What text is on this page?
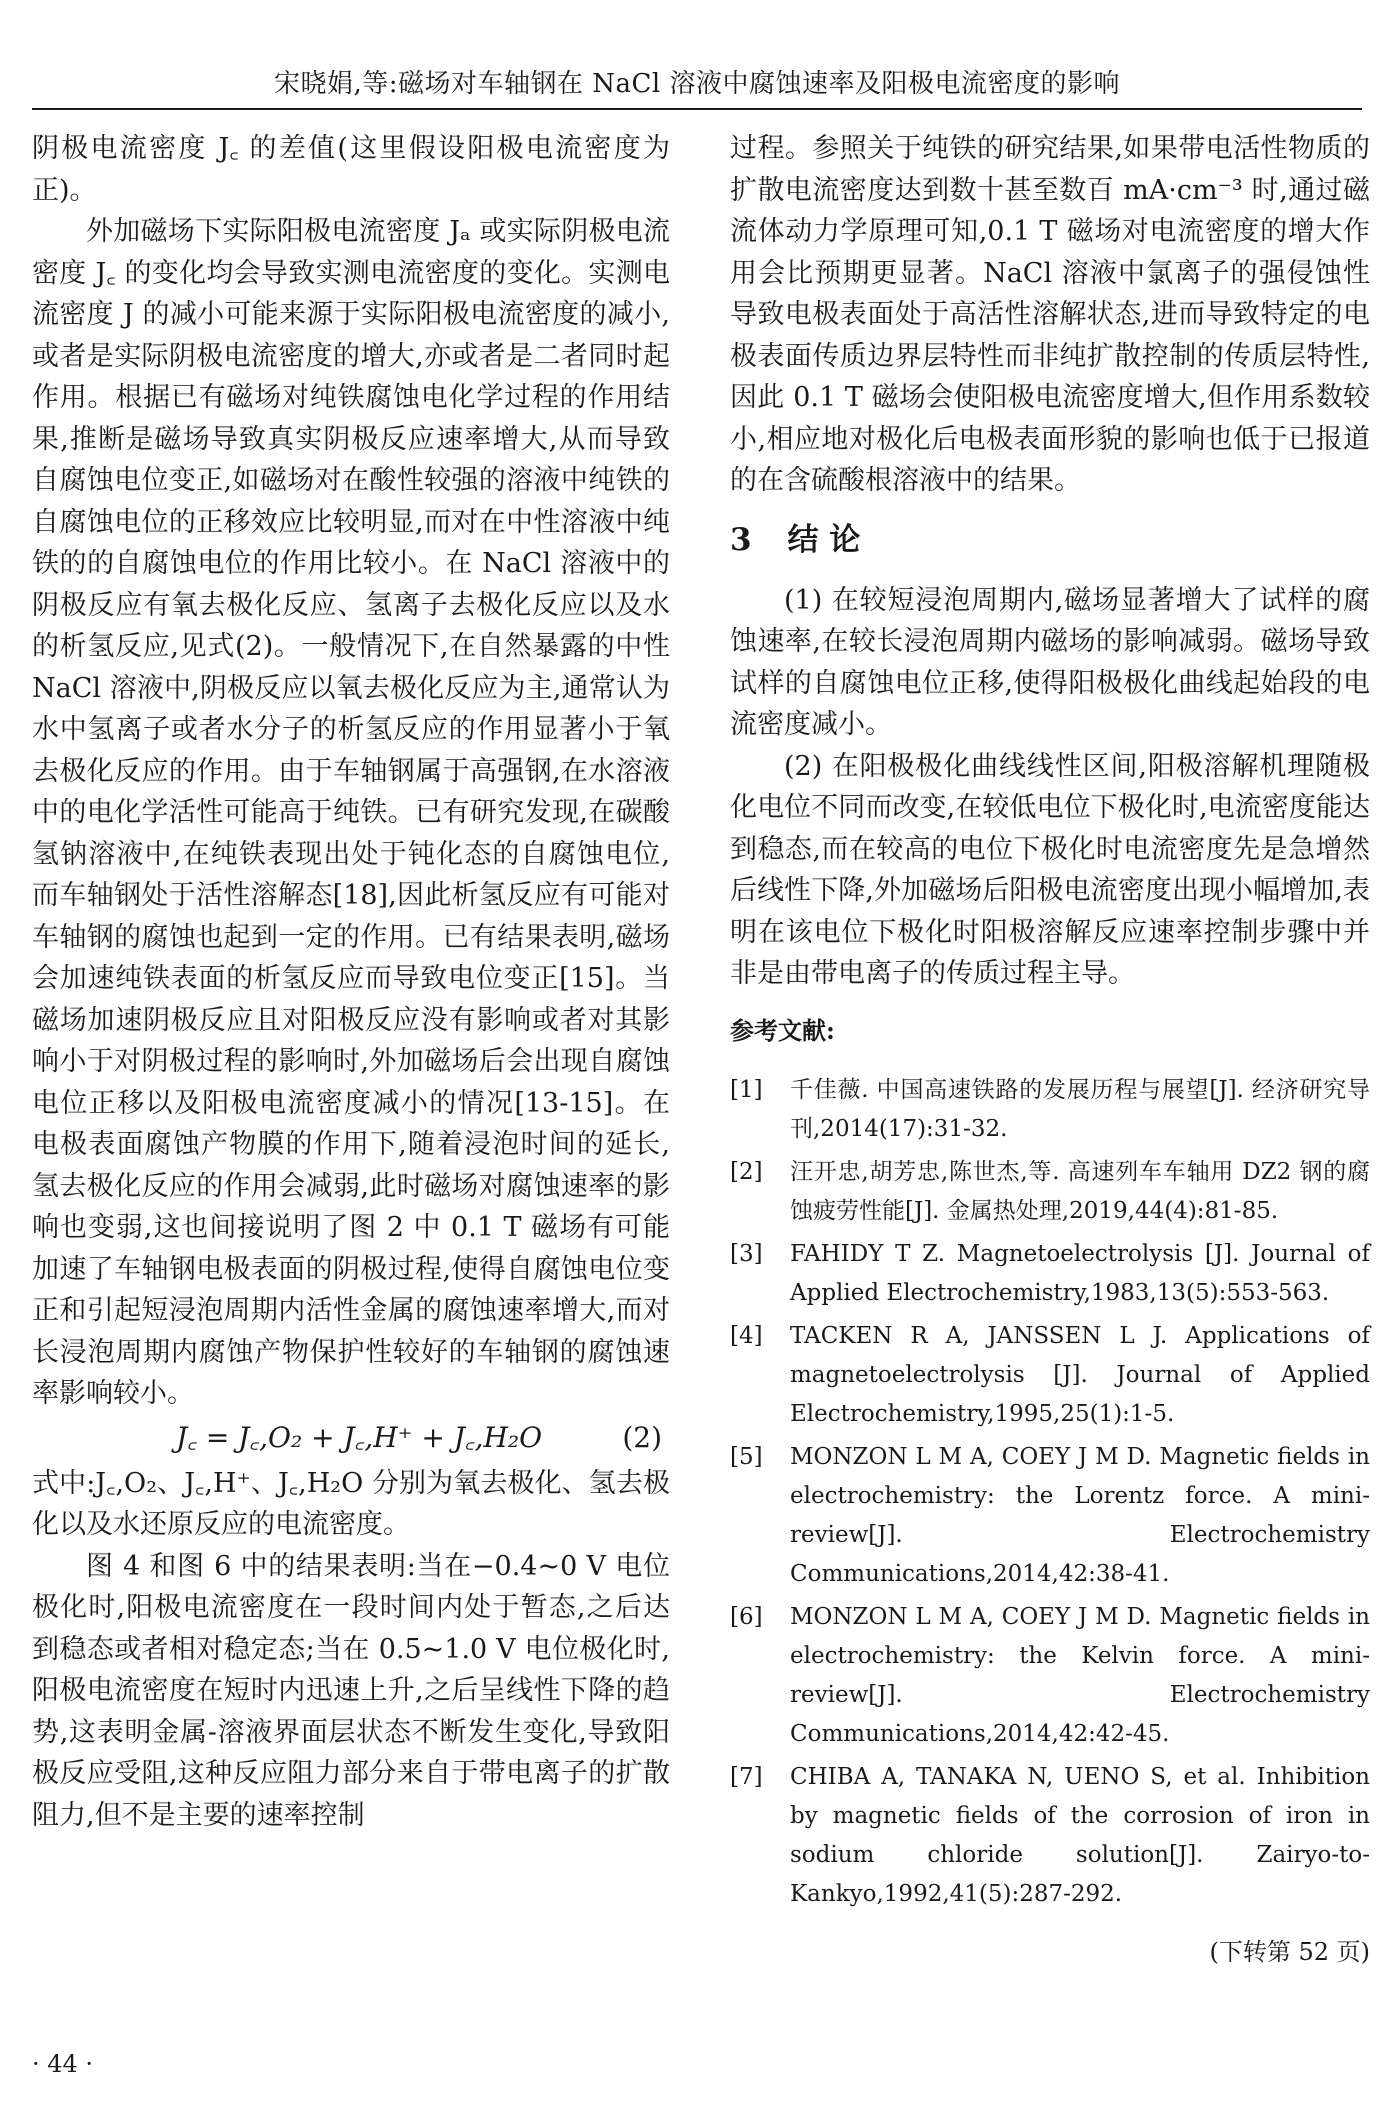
宋晓娟,等:磁场对车轴钢在 NaCl 溶液中腐蚀速率及阳极电流密度的影响

阴极电流密度 J꜀ 的差值(这里假设阳极电流密度为正)。

外加磁场下实际阳极电流密度 Jₐ 或实际阴极电流密度 J꜀ 的变化均会导致实测电流密度的变化。实测电流密度 J 的减小可能来源于实际阳极电流密度的减小,或者是实际阴极电流密度的增大,亦或者是二者同时起作用。根据已有磁场对纯铁腐蚀电化学过程的作用结果,推断是磁场导致真实阴极反应速率增大,从而导致自腐蚀电位变正,如磁场对在酸性较强的溶液中纯铁的自腐蚀电位的正移效应比较明显,而对在中性溶液中纯铁的的自腐蚀电位的作用比较小。在 NaCl 溶液中的阴极反应有氧去极化反应、氢离子去极化反应以及水的析氢反应,见式(2)。一般情况下,在自然暴露的中性 NaCl 溶液中,阴极反应以氧去极化反应为主,通常认为水中氢离子或者水分子的析氢反应的作用显著小于氧去极化反应的作用。由于车轴钢属于高强钢,在水溶液中的电化学活性可能高于纯铁。已有研究发现,在碳酸氢钠溶液中,在纯铁表现出处于钝化态的自腐蚀电位,而车轴钢处于活性溶解态[18],因此析氢反应有可能对车轴钢的腐蚀也起到一定的作用。已有结果表明,磁场会加速纯铁表面的析氢反应而导致电位变正[15]。当磁场加速阴极反应且对阳极反应没有影响或者对其影响小于对阴极过程的影响时,外加磁场后会出现自腐蚀电位正移以及阳极电流密度减小的情况[13-15]。在电极表面腐蚀产物膜的作用下,随着浸泡时间的延长,氢去极化反应的作用会减弱,此时磁场对腐蚀速率的影响也变弱,这也间接说明了图 2 中 0.1 T 磁场有可能加速了车轴钢电极表面的阴极过程,使得自腐蚀电位变正和引起短浸泡周期内活性金属的腐蚀速率增大,而对长浸泡周期内腐蚀产物保护性较好的车轴钢的腐蚀速率影响较小。

J꜀ = J꜀,O₂ + J꜀,H⁺ + J꜀,H₂O	(2)

式中:J꜀,O₂、J꜀,H⁺、J꜀,H₂O 分别为氧去极化、氢去极化以及水还原反应的电流密度。

图 4 和图 6 中的结果表明:当在−0.4~0 V 电位极化时,阳极电流密度在一段时间内处于暂态,之后达到稳态或者相对稳定态;当在 0.5~1.0 V 电位极化时,阳极电流密度在短时内迅速上升,之后呈线性下降的趋势,这表明金属-溶液界面层状态不断发生变化,导致阳极反应受阻,这种反应阻力部分来自于带电离子的扩散阻力,但不是主要的速率控制

过程。参照关于纯铁的研究结果,如果带电活性物质的扩散电流密度达到数十甚至数百 mA·cm⁻³ 时,通过磁流体动力学原理可知,0.1 T 磁场对电流密度的增大作用会比预期更显著。NaCl 溶液中氯离子的强侵蚀性导致电极表面处于高活性溶解状态,进而导致特定的电极表面传质边界层特性而非纯扩散控制的传质层特性,因此 0.1 T 磁场会使阳极电流密度增大,但作用系数较小,相应地对极化后电极表面形貌的影响也低于已报道的在含硫酸根溶液中的结果。

3 结 论

(1) 在较短浸泡周期内,磁场显著增大了试样的腐蚀速率,在较长浸泡周期内磁场的影响减弱。磁场导致试样的自腐蚀电位正移,使得阳极极化曲线起始段的电流密度减小。

(2) 在阳极极化曲线线性区间,阳极溶解机理随极化电位不同而改变,在较低电位下极化时,电流密度能达到稳态,而在较高的电位下极化时电流密度先是急增然后线性下降,外加磁场后阳极电流密度出现小幅增加,表明在该电位下极化时阳极溶解反应速率控制步骤中并非是由带电离子的传质过程主导。

参考文献:
[1] 千佳薇. 中国高速铁路的发展历程与展望[J]. 经济研究导刊,2014(17):31-32.
[2] 汪开忠,胡芳忠,陈世杰,等. 高速列车车轴用 DZ2 钢的腐蚀疲劳性能[J]. 金属热处理,2019,44(4):81-85.
[3] FAHIDY T Z. Magnetoelectrolysis [J]. Journal of Applied Electrochemistry,1983,13(5):553-563.
[4] TACKEN R A, JANSSEN L J. Applications of magnetoelectrolysis [J]. Journal of Applied Electrochemistry,1995,25(1):1-5.
[5] MONZON L M A, COEY J M D. Magnetic fields in electrochemistry: the Lorentz force. A mini-review[J]. Electrochemistry Communications,2014,42:38-41.
[6] MONZON L M A, COEY J M D. Magnetic fields in electrochemistry: the Kelvin force. A mini-review[J]. Electrochemistry Communications,2014,42:42-45.
[7] CHIBA A, TANAKA N, UENO S, et al. Inhibition by magnetic fields of the corrosion of iron in sodium chloride solution[J]. Zairyo-to-Kankyo,1992,41(5):287-292.
(下转第 52 页)
· 44 ·
